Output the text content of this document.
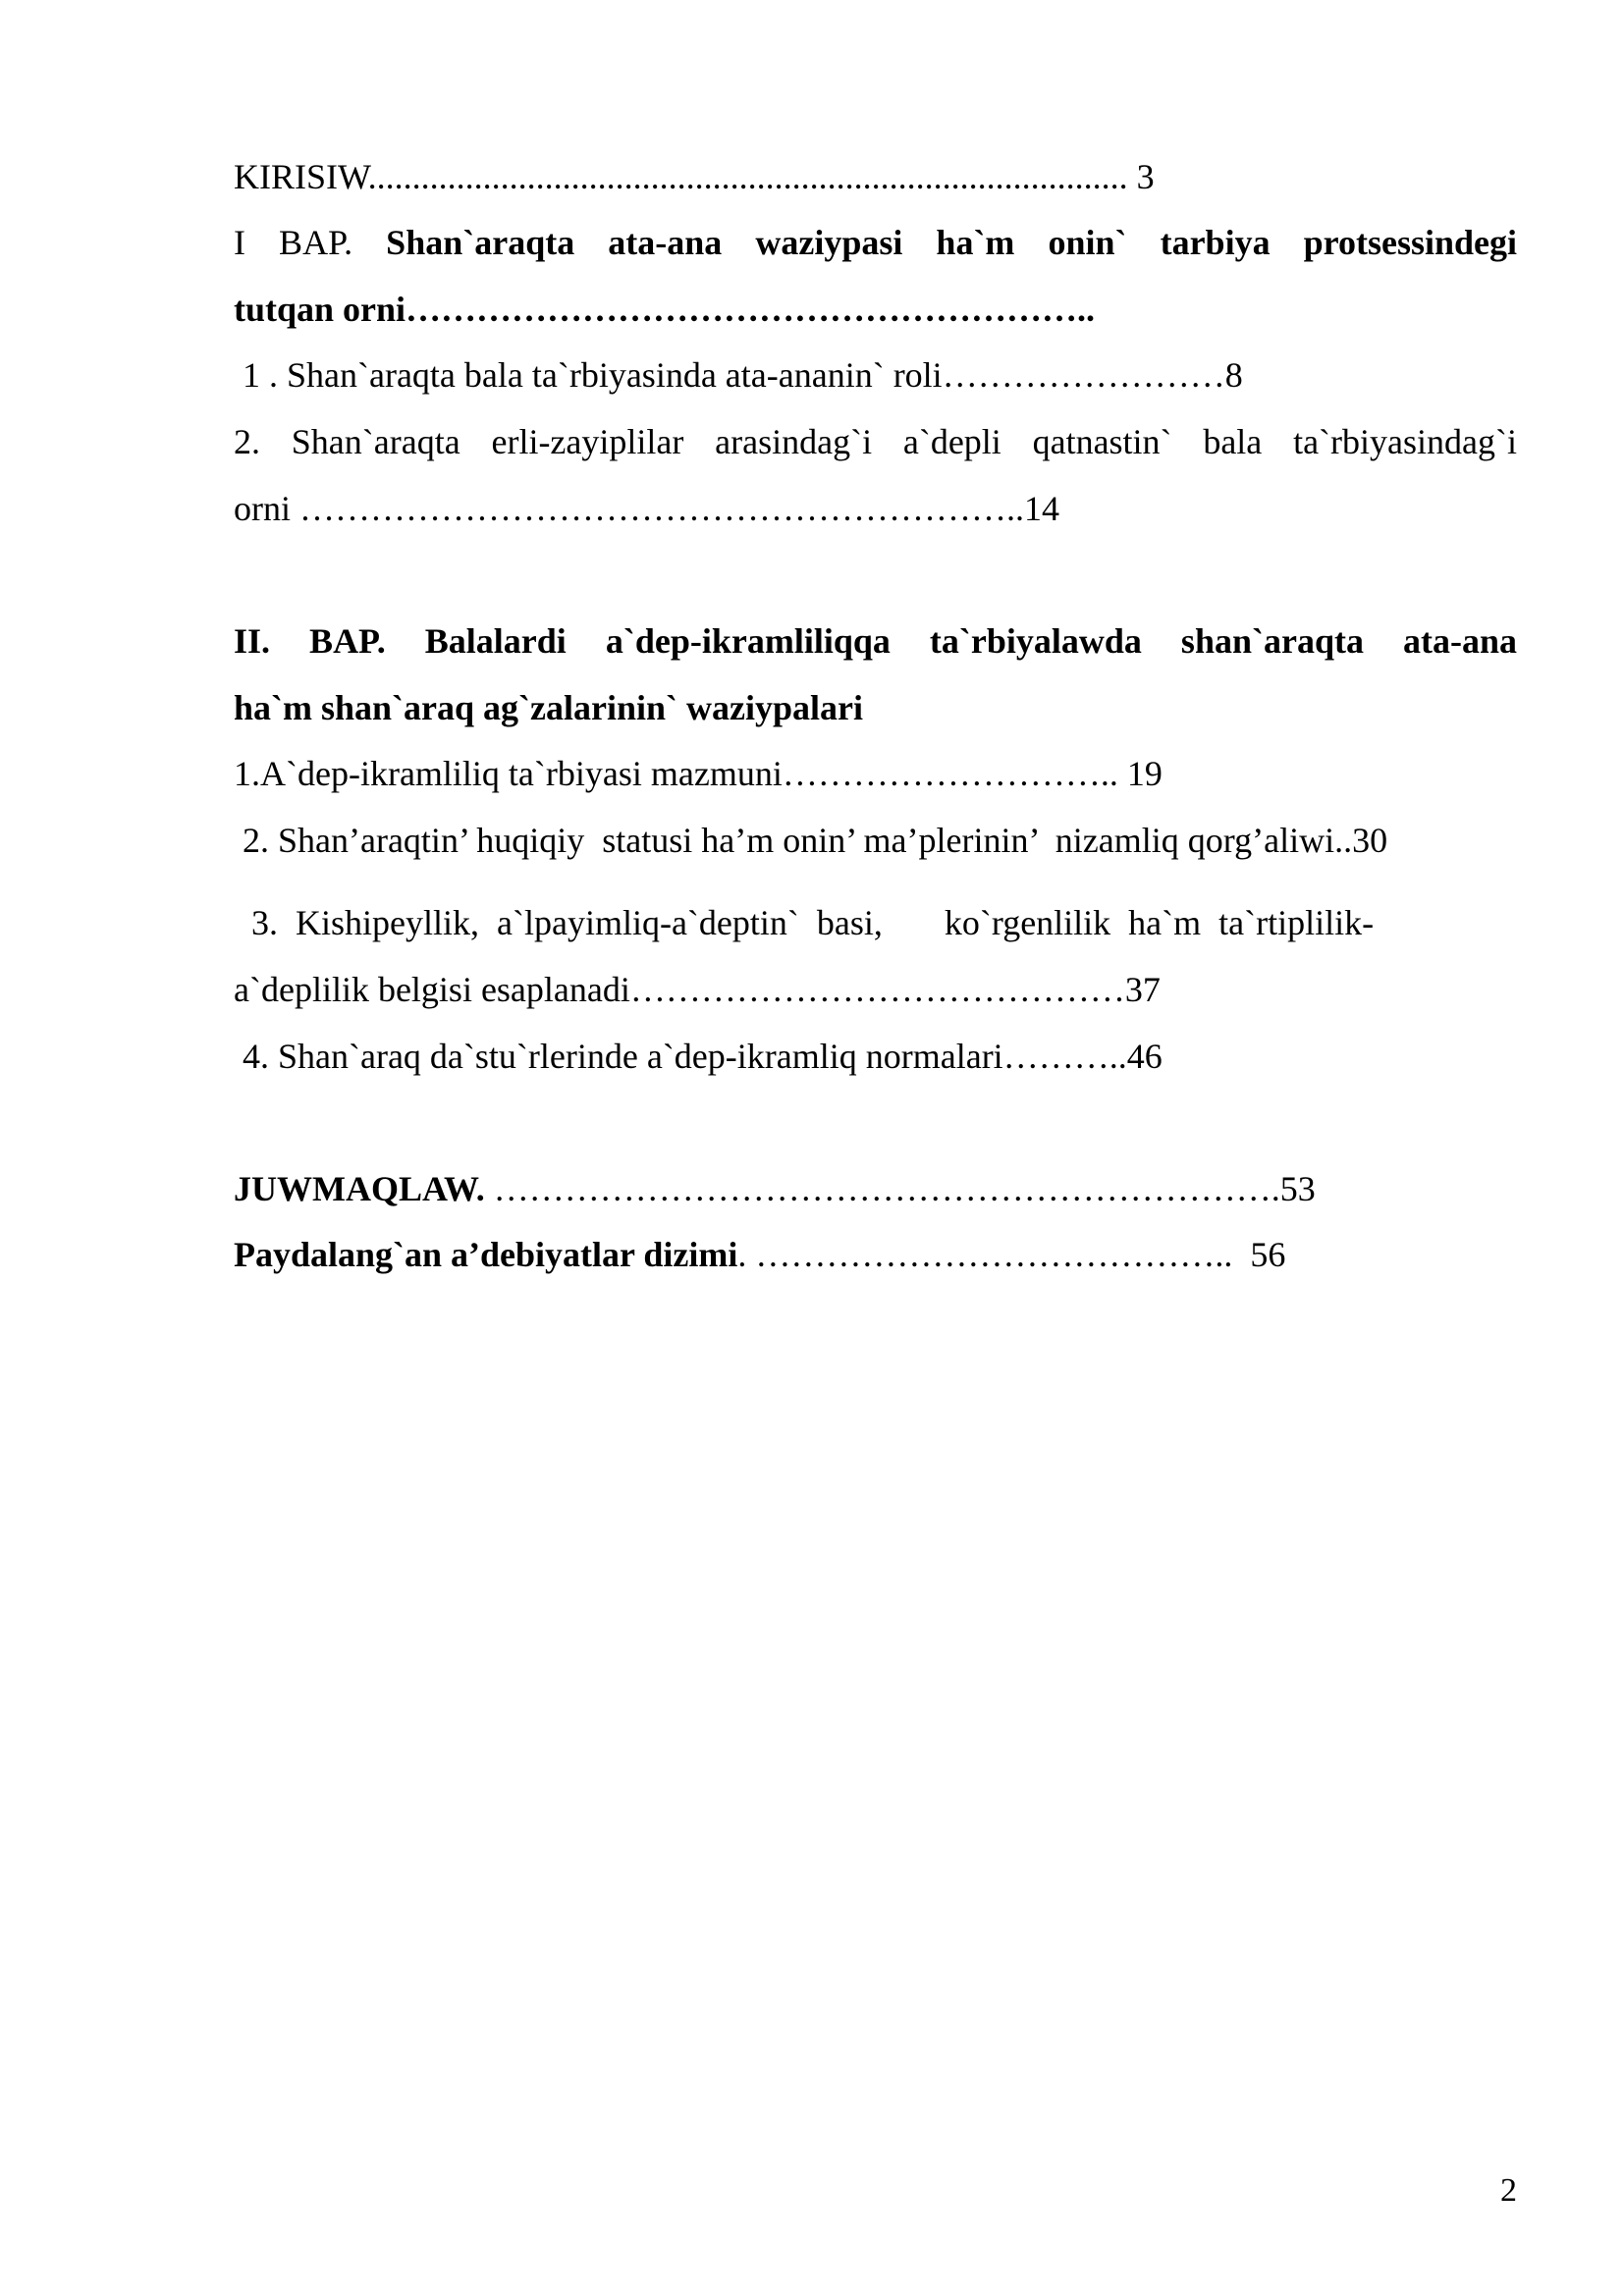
KIRISIW...................................................................................... 3
I BAP. Shan`araqta ata-ana waziypasi ha`m onin` tarbiya protsessindegi
tutqan orni…………………………………………………..
1 . Shan`araqta bala ta`rbiyasinda ata-ananin` roli……………………8
2. Shan`araqta erli-zayiplilar arasindag`i a`depli qatnastin` bala ta`rbiyasindag`i
orni ……………………………………………………..14
II. BAP. Balalardi a`dep-ikramliliqqa ta`rbiyalawda shan`araqta ata-ana
ha`m shan`araq ag`zalarinin` waziypalari
1.A`dep-ikramliliq ta`rbiyasi mazmuni……………………….. 19
2. Shan’araqtin’ huqiqiy  statusi ha’m onin’ ma’plerinin’  nizamliq qorg’aliwi..30
3.  Kishipeyllik,  a`lpayimliq-a`deptin`  basi,       ko`rgenlilik  ha`m  ta`rtiplilik-
a`deplilik belgisi esaplanadi……………………………………37
4. Shan`araq da`stu`rlerinde a`dep-ikramliq normalari………..46
JUWMAQLAW. ………………………………………………………….53
Paydalang`an a’debiyatlar dizimi. …………………………………..  56
2
